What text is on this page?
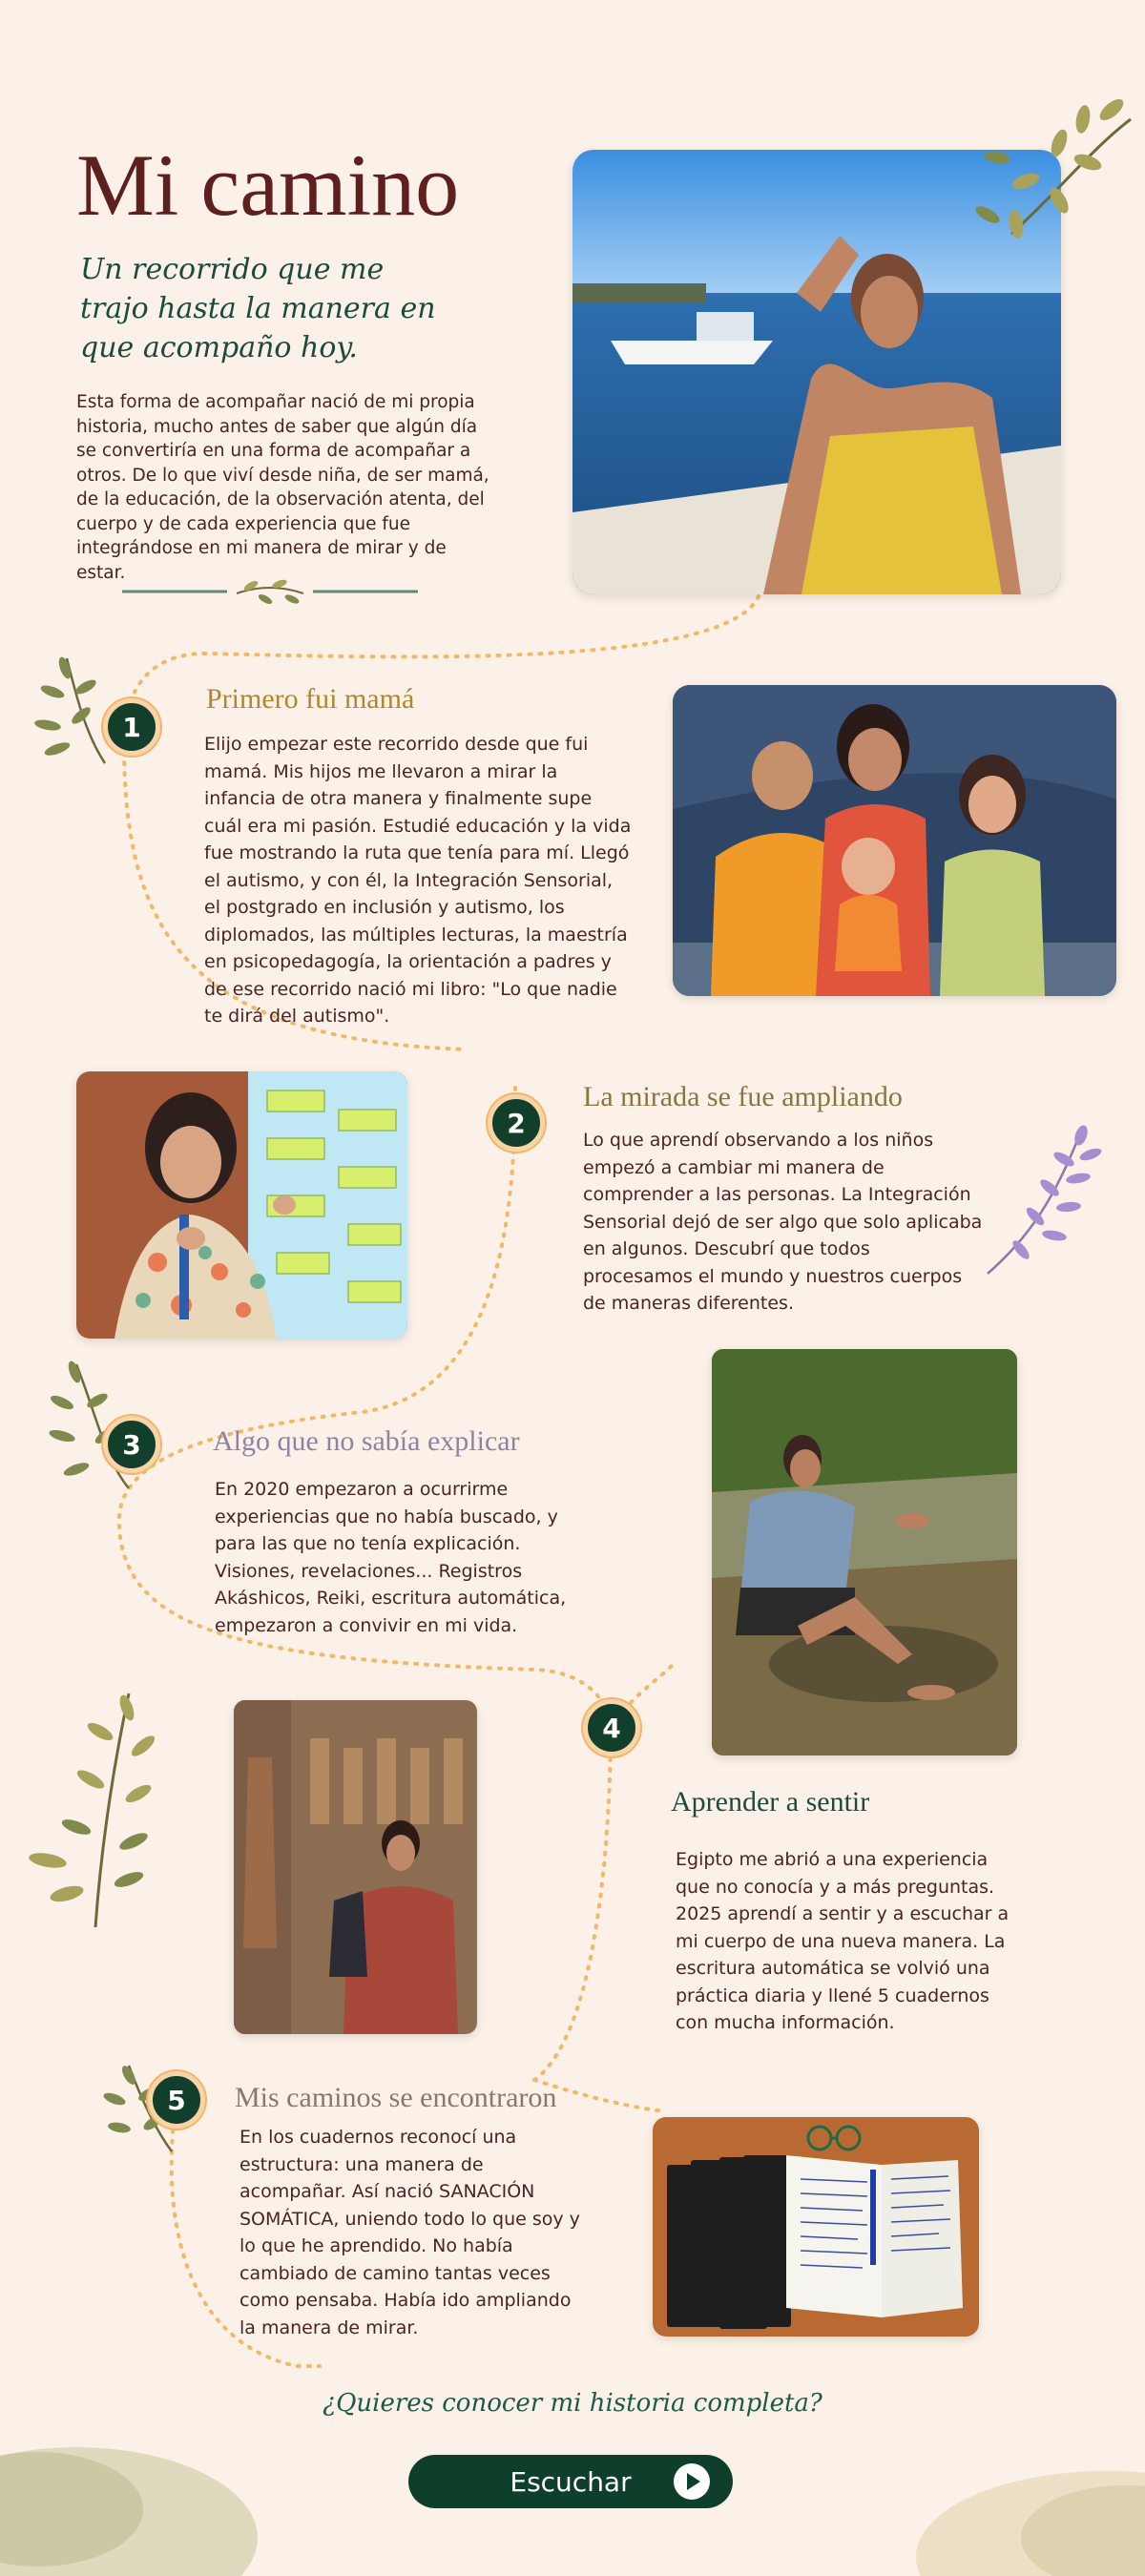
Mi camino
Un recorrido que me trajo hasta la manera en que acompaño hoy.
Esta forma de acompañar nació de mi propia historia, mucho antes de saber que algún día se convertiría en una forma de acompañar a otros. De lo que viví desde niña, de ser mamá, de la educación, de la observación atenta, del cuerpo y de cada experiencia que fue integrándose en mi manera de mirar y de estar.
1
Primero fui mamá
Elijo empezar este recorrido desde que fui mamá. Mis hijos me llevaron a mirar la infancia de otra manera y finalmente supe cuál era mi pasión. Estudié educación y la vida fue mostrando la ruta que tenía para mí. Llegó el autismo, y con él, la Integración Sensorial, el postgrado en inclusión y autismo, los diplomados, las múltiples lecturas, la maestría en psicopedagogía, la orientación a padres y de ese recorrido nació mi libro: "Lo que nadie te dirá del autismo".
2
La mirada se fue ampliando
Lo que aprendí observando a los niños empezó a cambiar mi manera de comprender a las personas. La Integración Sensorial dejó de ser algo que solo aplicaba en algunos. Descubrí que todos procesamos el mundo y nuestros cuerpos de maneras diferentes.
3	Algo que no sabía explicar
En 2020 empezaron a ocurrirme experiencias que no había buscado, y para las que no tenía explicación. Visiones, revelaciones... Registros Akáshicos, Reiki, escritura automática, empezaron a convivir en mi vida.
4
Aprender a sentir
Egipto me abrió a una experiencia que no conocía y a más preguntas. 2025 aprendí a sentir y a escuchar a mi cuerpo de una nueva manera. La escritura automática se volvió una práctica diaria y llené 5 cuadernos con mucha información.
5	Mis caminos se encontraron
En los cuadernos reconocí una estructura: una manera de acompañar. Así nació SANACIÓN SOMÁTICA, uniendo todo lo que soy y lo que he aprendido. No había cambiado de camino tantas veces como pensaba. Había ido ampliando la manera de mirar.
¿Quieres conocer mi historia completa?
Escuchar
